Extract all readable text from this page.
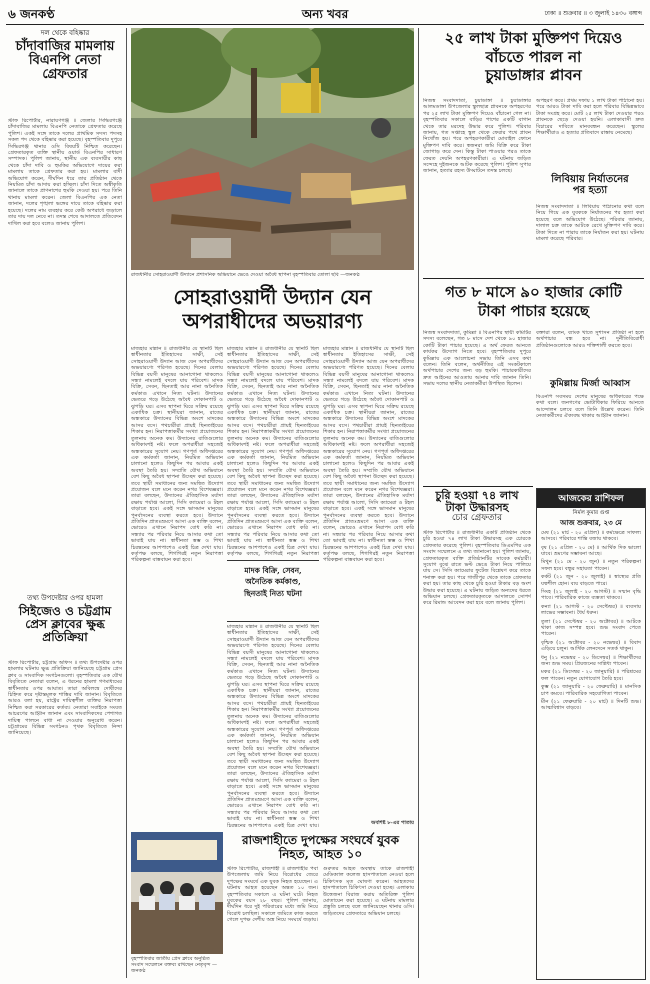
৬ জনকণ্ঠ	অন্য খবর	ঢাকা ॥ শুক্রবার ॥ ৩ জুলাই ১৪৩০ বঙ্গাব্দ
দল থেকে বহিষ্কার
চাঁদাবাজির মামলায়
বিএনপি নেতা
গ্রেফতার

স্টাফ রিপোর্টার, নারায়ণগঞ্জ ॥ জেলার সিদ্ধিরগঞ্জে চাঁদাবাজির মামলায় বিএনপি নেতাকে গ্রেফতার করেছে পুলিশ। একই সঙ্গে তাকে দলের প্রাথমিক সদস্য পদসহ সকল পদ থেকে বহিষ্কার করা হয়েছে। বৃহস্পতিবার দুপুরে সিদ্ধিরগঞ্জ থানার ওসি বিষয়টি নিশ্চিত করেছেন। গ্রেফতারকৃত ব্যক্তি স্থানীয় ওয়ার্ড বিএনপির সাধারণ সম্পাদক। পুলিশ জানায়, স্থানীয় এক ব্যবসায়ীর কাছ থেকে চাঁদা দাবি ও হুমকির অভিযোগে দায়ের করা মামলায় তাকে গ্রেফতার করা হয়। মামলার বাদী অভিযোগ করেন, দীর্ঘদিন ধরে তার প্রতিষ্ঠান থেকে নিয়মিত চাঁদা আদায় করা হচ্ছিল। চাঁদা দিতে অস্বীকৃতি জানালে তাকে প্রাণনাশের হুমকি দেওয়া হয়। পরে তিনি থানায় মামলা করেন। জেলা বিএনপির এক নেতা জানান, দলের শৃঙ্খলা ভঙ্গের দায়ে তাকে বহিষ্কার করা হয়েছে। দলের নাম ব্যবহার করে কেউ অপরাধে জড়ালে তার দায় দল নেবে না। তদন্ত শেষে আদালতে প্রতিবেদন দাখিল করা হবে বলেও জানায় পুলিশ।

তথ্য উপদেষ্টার ওপর হামলা
সিইজেও ও চট্টগ্রাম
প্রেস ক্লাবের ক্ষুব্ধ
প্রতিক্রিয়া

স্টাফ রিপোর্টার, চট্টগ্রাম অফিস ॥ তথ্য উপদেষ্টার ওপর হামলার ঘটনায় ক্ষুব্ধ প্রতিক্রিয়া জানিয়েছে চট্টগ্রাম প্রেস ক্লাব ও সাংবাদিক সংগঠনগুলো। বৃহস্পতিবার এক যৌথ বিবৃতিতে নেতারা বলেন, এ ধরনের হামলা গণমাধ্যমের স্বাধীনতার ওপর আঘাত। তারা অবিলম্বে দোষীদের চিহ্নিত করে দৃষ্টান্তমূলক শাস্তির দাবি জানান। বিবৃতিতে আরও বলা হয়, রাষ্ট্রের দায়িত্বশীল ব্যক্তির নিরাপত্তা নিশ্চিত করা সরকারের কর্তব্য। নেতারা সবাইকে সংযত আচরণের আহ্বান জানান এবং সাংবাদিকদের পেশাগত দায়িত্ব পালনে বাধা না দেওয়ার অনুরোধ করেন। চট্টগ্রামের বিভিন্ন সংগঠনও পৃথক বিবৃতিতে নিন্দা জানিয়েছে।

রাজধানীর সোহরাওয়ার্দী উদ্যানে প্রশাসনিক অভিযানে ভেঙে দেওয়া অবৈধ স্থাপনা বৃহস্পতিবার তোলা ছবি —জনকণ্ঠ
সোহরাওয়ার্দী উদ্যান যেন
অপরাধীদের অভয়ারণ্য

মাজহার মান্নান ॥ রাজধানীর যে স্থানটি ছিল স্বাধীনতার ইতিহাসের সাক্ষী, সেই সোহরাওয়ার্দী উদ্যান আজ যেন অপরাধীদের অভয়ারণ্যে পরিণত হয়েছে। দিনের বেলায় বিভিন্ন বয়সী মানুষের আনাগোনা থাকলেও সন্ধ্যা নামলেই বদলে যায় পরিবেশ। মাদক বিক্রি, সেবন, ছিনতাই আর নানা অনৈতিক কর্মকাণ্ড এখানে নিত্য ঘটনা। উদ্যানের ভেতরে গড়ে উঠেছে অবৈধ দোকানপাট ও ঝুপড়ি ঘর। এসব স্থাপনা ঘিরে সক্রিয় রয়েছে একাধিক চক্র। স্থানীয়রা জানান, রাতের অন্ধকারে উদ্যানের বিভিন্ন অংশে মাদকের আসর বসে। পথচারীরা প্রায়ই ছিনতাইয়ের শিকার হন। নিরাপত্তাকর্মীর সংখ্যা প্রয়োজনের তুলনায় অনেক কম। উদ্যানের বাতিগুলোর অধিকাংশই নষ্ট। ফলে অপরাধীরা সহজেই অন্ধকারের সুযোগ নেয়। গণপূর্ত অধিদপ্তরের এক কর্মকর্তা জানান, নিয়মিত অভিযান চালানো হলেও কিছুদিন পর আবার একই অবস্থা তৈরি হয়। সম্প্রতি যৌথ অভিযানে বেশ কিছু অবৈধ স্থাপনা উচ্ছেদ করা হয়েছে। তবে স্থায়ী সমাধানের জন্য সমন্বিত উদ্যোগ প্রয়োজন বলে মনে করেন নগর বিশেষজ্ঞরা। তারা বলছেন, উদ্যানের ঐতিহাসিক মর্যাদা রক্ষায় পর্যাপ্ত আলো, সিসি ক্যামেরা ও টহল বাড়াতে হবে। একই সঙ্গে ভাসমান মানুষের পুনর্বাসনের ব্যবস্থা করতে হবে। উদ্যানে প্রতিদিন প্রাতঃভ্রমণে আসা এক ব্যক্তি বলেন, ভোরেও এখানে নিরাপদ বোধ করি না। সন্ধ্যার পর পরিবার নিয়ে আসার কথা তো ভাবাই যায় না। স্বাধীনতা স্তম্ভ ও শিখা চিরন্তনের আশপাশেও একই চিত্র দেখা যায়। কর্তৃপক্ষ বলছে, শিগগিরই নতুন নিরাপত্তা পরিকল্পনা বাস্তবায়ন করা হবে।

মাজহার মান্নান ॥ রাজধানীর যে স্থানটি ছিল স্বাধীনতার ইতিহাসের সাক্ষী, সেই সোহরাওয়ার্দী উদ্যান আজ যেন অপরাধীদের অভয়ারণ্যে পরিণত হয়েছে। দিনের বেলায় বিভিন্ন বয়সী মানুষের আনাগোনা থাকলেও সন্ধ্যা নামলেই বদলে যায় পরিবেশ। মাদক বিক্রি, সেবন, ছিনতাই আর নানা অনৈতিক কর্মকাণ্ড এখানে নিত্য ঘটনা। উদ্যানের ভেতরে গড়ে উঠেছে অবৈধ দোকানপাট ও ঝুপড়ি ঘর। এসব স্থাপনা ঘিরে সক্রিয় রয়েছে একাধিক চক্র। স্থানীয়রা জানান, রাতের অন্ধকারে উদ্যানের বিভিন্ন অংশে মাদকের আসর বসে। পথচারীরা প্রায়ই ছিনতাইয়ের শিকার হন। নিরাপত্তাকর্মীর সংখ্যা প্রয়োজনের তুলনায় অনেক কম। উদ্যানের বাতিগুলোর অধিকাংশই নষ্ট। ফলে অপরাধীরা সহজেই অন্ধকারের সুযোগ নেয়। গণপূর্ত অধিদপ্তরের এক কর্মকর্তা জানান, নিয়মিত অভিযান চালানো হলেও কিছুদিন পর আবার একই অবস্থা তৈরি হয়। সম্প্রতি যৌথ অভিযানে বেশ কিছু অবৈধ স্থাপনা উচ্ছেদ করা হয়েছে। তবে স্থায়ী সমাধানের জন্য সমন্বিত উদ্যোগ প্রয়োজন বলে মনে করেন নগর বিশেষজ্ঞরা। তারা বলছেন, উদ্যানের ঐতিহাসিক মর্যাদা রক্ষায় পর্যাপ্ত আলো, সিসি ক্যামেরা ও টহল বাড়াতে হবে। একই সঙ্গে ভাসমান মানুষের পুনর্বাসনের ব্যবস্থা করতে হবে। উদ্যানে প্রতিদিন প্রাতঃভ্রমণে আসা এক ব্যক্তি বলেন, ভোরেও এখানে নিরাপদ বোধ করি না। সন্ধ্যার পর পরিবার নিয়ে আসার কথা তো ভাবাই যায় না। স্বাধীনতা স্তম্ভ ও শিখা চিরন্তনের আশপাশেও একই চিত্র দেখা যায়। কর্তৃপক্ষ বলছে, শিগগিরই নতুন নিরাপত্তা

মাদক বিক্রি, সেবন,
অনৈতিক কর্মকাণ্ড,
ছিনতাই নিত্য ঘটনা

মাজহার মান্নান ॥ রাজধানীর যে স্থানটি ছিল স্বাধীনতার ইতিহাসের সাক্ষী, সেই সোহরাওয়ার্দী উদ্যান আজ যেন অপরাধীদের অভয়ারণ্যে পরিণত হয়েছে। দিনের বেলায় বিভিন্ন বয়সী মানুষের আনাগোনা থাকলেও সন্ধ্যা নামলেই বদলে যায় পরিবেশ। মাদক বিক্রি, সেবন, ছিনতাই আর নানা অনৈতিক কর্মকাণ্ড এখানে নিত্য ঘটনা। উদ্যানের ভেতরে গড়ে উঠেছে অবৈধ দোকানপাট ও ঝুপড়ি ঘর। এসব স্থাপনা ঘিরে সক্রিয় রয়েছে একাধিক চক্র। স্থানীয়রা জানান, রাতের অন্ধকারে উদ্যানের বিভিন্ন অংশে মাদকের আসর বসে। পথচারীরা প্রায়ই ছিনতাইয়ের শিকার হন। নিরাপত্তাকর্মীর সংখ্যা প্রয়োজনের তুলনায় অনেক কম। উদ্যানের বাতিগুলোর অধিকাংশই নষ্ট। ফলে অপরাধীরা সহজেই অন্ধকারের সুযোগ নেয়। গণপূর্ত অধিদপ্তরের এক কর্মকর্তা জানান, নিয়মিত অভিযান চালানো হলেও কিছুদিন পর আবার একই অবস্থা তৈরি হয়। সম্প্রতি যৌথ অভিযানে বেশ কিছু অবৈধ স্থাপনা উচ্ছেদ করা হয়েছে। তবে স্থায়ী সমাধানের জন্য সমন্বিত উদ্যোগ প্রয়োজন বলে মনে করেন নগর বিশেষজ্ঞরা। তারা বলছেন, উদ্যানের ঐতিহাসিক মর্যাদা রক্ষায় পর্যাপ্ত আলো, সিসি ক্যামেরা ও টহল বাড়াতে হবে। একই সঙ্গে ভাসমান মানুষের পুনর্বাসনের ব্যবস্থা করতে হবে। উদ্যানে প্রতিদিন প্রাতঃভ্রমণে আসা এক ব্যক্তি বলেন, ভোরেও এখানে নিরাপদ বোধ করি না। সন্ধ্যার পর পরিবার নিয়ে আসার কথা তো ভাবাই যায় না। স্বাধীনতা স্তম্ভ ও শিখা চিরন্তনের আশপাশেও একই চিত্র দেখা যায়।

মাজহার মান্নান ॥ রাজধানীর যে স্থানটি ছিল স্বাধীনতার ইতিহাসের সাক্ষী, সেই সোহরাওয়ার্দী উদ্যান আজ যেন অপরাধীদের অভয়ারণ্যে পরিণত হয়েছে। দিনের বেলায় বিভিন্ন বয়সী মানুষের আনাগোনা থাকলেও সন্ধ্যা নামলেই বদলে যায় পরিবেশ। মাদক বিক্রি, সেবন, ছিনতাই আর নানা অনৈতিক কর্মকাণ্ড এখানে নিত্য ঘটনা। উদ্যানের ভেতরে গড়ে উঠেছে অবৈধ দোকানপাট ও ঝুপড়ি ঘর। এসব স্থাপনা ঘিরে সক্রিয় রয়েছে একাধিক চক্র। স্থানীয়রা জানান, রাতের অন্ধকারে উদ্যানের বিভিন্ন অংশে মাদকের আসর বসে। পথচারীরা প্রায়ই ছিনতাইয়ের শিকার হন। নিরাপত্তাকর্মীর সংখ্যা প্রয়োজনের তুলনায় অনেক কম। উদ্যানের বাতিগুলোর অধিকাংশই নষ্ট। ফলে অপরাধীরা সহজেই অন্ধকারের সুযোগ নেয়। গণপূর্ত অধিদপ্তরের এক কর্মকর্তা জানান, নিয়মিত অভিযান চালানো হলেও কিছুদিন পর আবার একই অবস্থা তৈরি হয়। সম্প্রতি যৌথ অভিযানে বেশ কিছু অবৈধ স্থাপনা উচ্ছেদ করা হয়েছে। তবে স্থায়ী সমাধানের জন্য সমন্বিত উদ্যোগ প্রয়োজন বলে মনে করেন নগর বিশেষজ্ঞরা। তারা বলছেন, উদ্যানের ঐতিহাসিক মর্যাদা রক্ষায় পর্যাপ্ত আলো, সিসি ক্যামেরা ও টহল বাড়াতে হবে। একই সঙ্গে ভাসমান মানুষের পুনর্বাসনের ব্যবস্থা করতে হবে। উদ্যানে প্রতিদিন প্রাতঃভ্রমণে আসা এক ব্যক্তি বলেন, ভোরেও এখানে নিরাপদ বোধ করি না। সন্ধ্যার পর পরিবার নিয়ে আসার কথা তো ভাবাই যায় না। স্বাধীনতা স্তম্ভ ও শিখা চিরন্তনের আশপাশেও একই চিত্র দেখা যায়। কর্তৃপক্ষ বলছে, শিগগিরই নতুন নিরাপত্তা পরিকল্পনা বাস্তবায়ন করা হবে।

অবশিষ্ট ৮-এর পাতায়
বৃহস্পতিবার জাতীয় প্রেস ক্লাবে অনুষ্ঠিত সংবাদ সম্মেলনে বক্তব্য রাখছেন নেতৃবৃন্দ —জনকণ্ঠ
রাজশাহীতে দুপক্ষের সংঘর্ষে যুবক
নিহত, আহত ১০

স্টাফ রিপোর্টার, রাজশাহী ॥ রাজশাহীর পবা উপজেলায় জমি নিয়ে বিরোধের জেরে দুপক্ষের সংঘর্ষে এক যুবক নিহত হয়েছেন। এ ঘটনায় আহত হয়েছেন অন্তত ১০ জন। বৃহস্পতিবার সকালে এ ঘটনা ঘটে। নিহত যুবকের বয়স ২৮ বছর। পুলিশ জানায়, দীর্ঘদিন ধরে দুই পরিবারের মধ্যে জমি নিয়ে বিরোধ চলছিল। সকালে জমিতে কাজ করতে গেলে দুপক্ষ দেশীয় অস্ত্র নিয়ে সংঘর্ষে জড়ায়। গুরুতর আহত অবস্থায় তাকে রাজশাহী মেডিক্যাল কলেজ হাসপাতালে নেওয়া হলে চিকিৎসক মৃত ঘোষণা করেন। আহতদের হাসপাতালে চিকিৎসা দেওয়া হচ্ছে। এলাকায় উত্তেজনা বিরাজ করায় অতিরিক্ত পুলিশ মোতায়েন করা হয়েছে। এ ঘটনায় মামলার প্রস্তুতি চলছে বলে জানিয়েছেন থানার ওসি। জড়িতদের গ্রেফতারে অভিযান চলছে।

২৫ লাখ টাকা মুক্তিপণ দিয়েও
বাঁচতে পারল না
চুয়াডাঙ্গার প্লাবন

নিজস্ব সংবাদদাতা, চুয়াডাঙ্গা ॥ চুয়াডাঙ্গার আলমডাঙ্গা উপজেলার স্কুলছাত্র প্লাবনকে অপহরণের পর ২৫ লাখ টাকা মুক্তিপণ দিয়েও বাঁচানো গেল না। বৃহস্পতিবার সকালে বাড়ির পাশের একটি বাগান থেকে তার মরদেহ উদ্ধার করে পুলিশ। পরিবার জানায়, গত সপ্তাহে স্কুল থেকে ফেরার পথে প্লাবন নিখোঁজ হয়। পরে অপহরণকারীরা মোবাইল ফোনে মুক্তিপণ দাবি করে। স্বজনরা জমি বিক্রি করে টাকা জোগাড় করে দেন। কিন্তু টাকা পাওয়ার পরও তাকে ফেরত দেয়নি অপহরণকারীরা। এ ঘটনায় জড়িত সন্দেহে দুইজনকে আটক করেছে পুলিশ। পুলিশ সুপার জানান, হত্যার রহস্য উদ্ঘাটনে তদন্ত চলছে।

অপহরণ করে। প্রথম দফায় ১ লাখ টাকা পাঠানো হয়। পরে আরও টাকা দাবি করা হলে পরিবার বিভিন্নভাবে টাকা সংগ্রহ করে। মোট ২৫ লাখ টাকা দেওয়ার পরও প্লাবনকে ছেড়ে দেওয়া হয়নি। এলাকাবাসী দ্রুত বিচারের দাবিতে মানববন্ধন করেছেন। স্কুলের শিক্ষার্থীরাও এ হত্যার প্রতিবাদে রাস্তায় নেমেছে।

লিবিয়ায় নির্যাতনের
পর হত্যা

নিজস্ব সংবাদদাতা ॥ লিবিয়ায় পাঠানোর কথা বলে নিয়ে গিয়ে এক যুবককে নির্যাতনের পর হত্যা করা হয়েছে বলে অভিযোগ উঠেছে। পরিবার জানায়, দালাল চক্র তাকে আটকে রেখে মুক্তিপণ দাবি করে। টাকা দিতে না পারায় তাকে নির্যাতন করা হয়। ঘটনায় মামলা করেছে পরিবার।

গত ৮ মাসে ৯০ হাজার কোটি
টাকা পাচার হয়েছে

নিজস্ব সংবাদদাতা, কুমিল্লা ॥ বিএনপির স্থায়ী কমিটির সদস্য বলেছেন, গত ৮ মাসে দেশ থেকে ৯০ হাজার কোটি টাকা পাচার হয়েছে। এ অর্থ ফেরত আনতে কার্যকর উদ্যোগ নিতে হবে। বৃহস্পতিবার দুপুরে কুমিল্লায় এক আলোচনা সভায় তিনি এসব কথা বলেন। তিনি বলেন, অর্থনীতির এই সংকটকালে অর্থপাচার দেশের জন্য বড় হুমকি। পাচারকারীদের দ্রুত আইনের আওতায় আনার দাবি জানান তিনি। সভায় দলের স্থানীয় নেতাকর্মীরা উপস্থিত ছিলেন।

বক্তারা বলেন, ব্যাংক খাতে সুশাসন প্রতিষ্ঠা না হলে অর্থপাচার বন্ধ হবে না। দুর্নীতিবিরোধী প্রতিষ্ঠানগুলোকে আরও শক্তিশালী করতে হবে।

কুমিল্লায় মির্জা আব্বাস

বিএনপি সবসময় দেশের মানুষের অধিকারের পক্ষে কথা বলে। জনগণের ভোটাধিকার ফিরিয়ে আনতে আন্দোলন চলবে বলে তিনি উল্লেখ করেন। তিনি নেতাকর্মীদের ঐক্যবদ্ধ থাকার আহ্বান জানান।

চুরি হওয়া ৭৪ লাখ
টাকা উদ্ধারসহ
চোর গ্রেফতার

স্টাফ রিপোর্টার ॥ রাজধানীর একটি প্রতিষ্ঠান থেকে চুরি হওয়া ৭৪ লাখ টাকা উদ্ধারসহ এক চোরকে গ্রেফতার করেছে পুলিশ। বৃহস্পতিবার ডিএমপির এক সংবাদ সম্মেলনে এ তথ্য জানানো হয়। পুলিশ জানায়, গ্রেফতারকৃত ব্যক্তি প্রতিষ্ঠানটির সাবেক কর্মচারী। সুযোগ বুঝে রাতে ভল্ট ভেঙে টাকা নিয়ে পালিয়ে যায় সে। সিসি ক্যামেরার ফুটেজ বিশ্লেষণ করে তাকে শনাক্ত করা হয়। পরে গাজীপুর থেকে তাকে গ্রেফতার করা হয়। তার কাছ থেকে চুরি হওয়া টাকার বড় অংশ উদ্ধার করা হয়েছে। এ ঘটনায় জড়িত অন্যদের ধরতে অভিযান চলছে। গ্রেফতারকৃতকে আদালতে সোপর্দ করে রিমান্ড আবেদন করা হবে বলে জানায় পুলিশ।

আজকের রাশিফল
নির্মল কুমার গুপ্ত
আজ শুক্রবার, ২৩ মে

মেষ (২১ মার্চ - ২০ এপ্রিল) ॥ কর্মক্ষেত্রে সাফল্য আসবে। পরিবারে শান্তি বজায় থাকবে।

বৃষ (২১ এপ্রিল - ২০ মে) ॥ আর্থিক দিক ভালো যাবে। ভ্রমণের সম্ভাবনা আছে।

মিথুন (২১ মে - ২০ জুন) ॥ নতুন পরিকল্পনা সফল হবে। বন্ধুর সহায়তা পাবেন।

কর্কট (২১ জুন - ২০ জুলাই) ॥ স্বাস্থ্যের প্রতি যত্নশীল হোন। ব্যয় বাড়তে পারে।

সিংহ (২১ জুলাই - ২০ আগস্ট) ॥ সম্মান বৃদ্ধি পাবে। পারিবারিক কাজে ব্যস্ততা থাকবে।

কন্যা (২১ আগস্ট - ২০ সেপ্টেম্বর) ॥ ব্যবসায় লাভের সম্ভাবনা। ধৈর্য ধরুন।

তুলা (২১ সেপ্টেম্বর - ২০ অক্টোবর) ॥ আটকে থাকা কাজ সম্পন্ন হবে। শুভ সংবাদ পেতে পারেন।

বৃশ্চিক (২১ অক্টোবর - ২০ নভেম্বর) ॥ বিবাদ এড়িয়ে চলুন। আর্থিক লেনদেনে সতর্ক থাকুন।

ধনু (২১ নভেম্বর - ২০ ডিসেম্বর) ॥ শিক্ষার্থীদের জন্য শুভ সময়। প্রিয়জনের সান্নিধ্য পাবেন।

মকর (২১ ডিসেম্বর - ২০ জানুয়ারি) ॥ পরিশ্রমের ফল পাবেন। নতুন যোগাযোগ তৈরি হবে।

কুম্ভ (২১ জানুয়ারি - ২০ ফেব্রুয়ারি) ॥ মানসিক চাপ কমবে। পারিবারিক সহযোগিতা পাবেন।

মীন (২১ ফেব্রুয়ারি - ২০ মার্চ) ॥ দিনটি শুভ। আত্মবিশ্বাস বাড়বে।
